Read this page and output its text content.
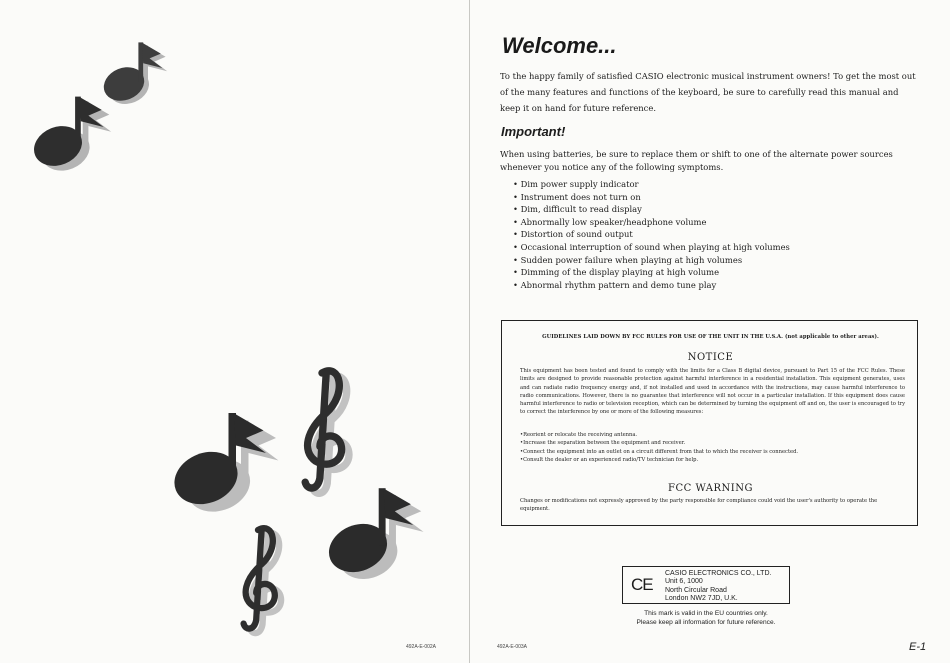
492A-E-002A	492A-E-003A
Welcome...

To the happy family of satisfied CASIO electronic musical instrument owners! To get the most out of the many features and functions of the keyboard, be sure to carefully read this manual and keep it on hand for future reference.

Important!

When using batteries, be sure to replace them or shift to one of the alternate power sources whenever you notice any of the following symptoms.

• Dim power supply indicator
• Instrument does not turn on
• Dim, difficult to read display
• Abnormally low speaker/headphone volume
• Distortion of sound output
• Occasional interruption of sound when playing at high volumes
• Sudden power failure when playing at high volumes
• Dimming of the display playing at high volume
• Abnormal rhythm pattern and demo tune play

GUIDELINES LAID DOWN BY FCC RULES FOR USE OF THE UNIT IN THE U.S.A. (not applicable to other areas).

NOTICE

This equipment has been tested and found to comply with the limits for a Class B digital device, pursuant to Part 15 of the FCC Rules. These limits are designed to provide reasonable protection against harmful interference in a residential installation. This equipment generates, uses and can radiate radio frequency energy and, if not installed and used in accordance with the instructions, may cause harmful interference to radio communications. However, there is no guarantee that interference will not occur in a particular installation. If this equipment does cause harmful interference to radio or television reception, which can be determined by turning the equipment off and on, the user is encouraged to try to correct the interference by one or more of the following measures:

• Reorient or relocate the receiving antenna.
• Increase the separation between the equipment and receiver.
• Connect the equipment into an outlet on a circuit different from that to which the receiver is connected.
• Consult the dealer or an experienced radio/TV technician for help.

FCC WARNING

Changes or modifications not expressly approved by the party responsible for compliance could void the user's authority to operate the equipment.

CE
CASIO ELECTRONICS CO., LTD.
Unit 6, 1000
North Circular Road
London NW2 7JD, U.K.

This mark is valid in the EU countries only.
Please keep all information for future reference.

E-1
